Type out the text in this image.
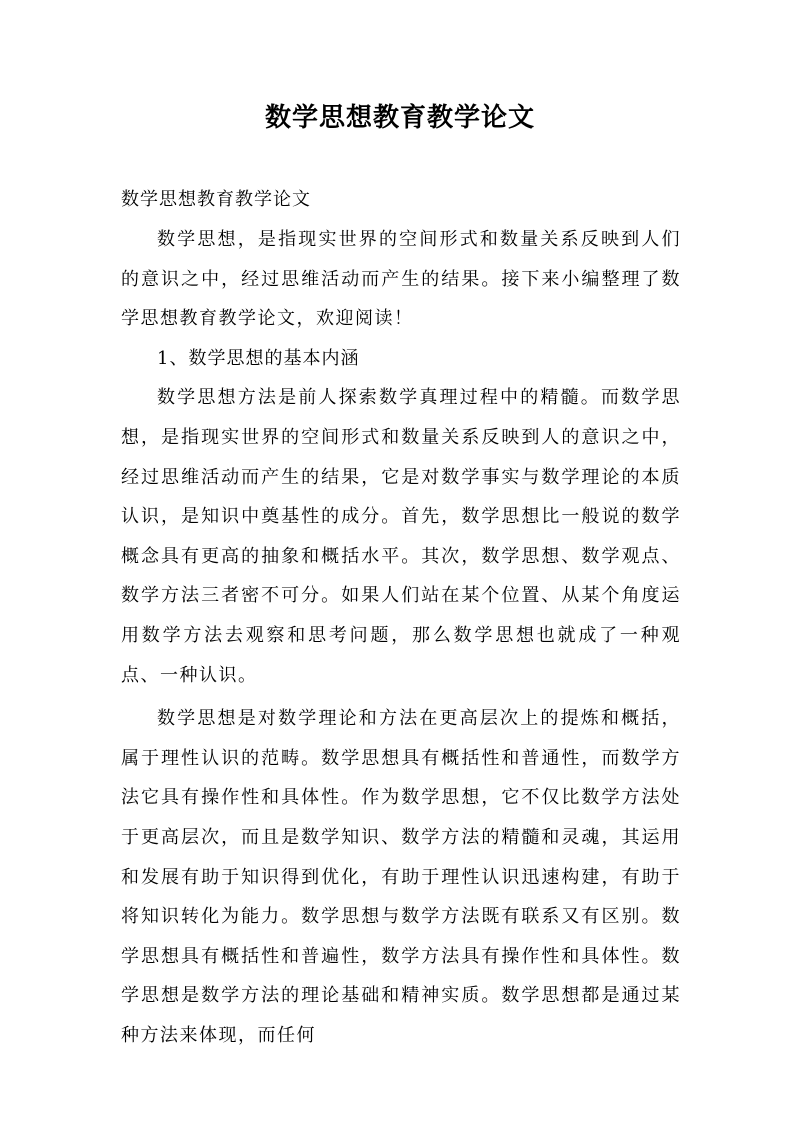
数学思想教育教学论文

数学思想教育教学论文

数学思想，是指现实世界的空间形式和数量关系反映到人们的意识之中，经过思维活动而产生的结果。接下来小编整理了数学思想教育教学论文，欢迎阅读！

1、数学思想的基本内涵

数学思想方法是前人探索数学真理过程中的精髓。而数学思想，是指现实世界的空间形式和数量关系反映到人的意识之中，经过思维活动而产生的结果，它是对数学事实与数学理论的本质认识，是知识中奠基性的成分。首先，数学思想比一般说的数学概念具有更高的抽象和概括水平。其次，数学思想、数学观点、数学方法三者密不可分。如果人们站在某个位置、从某个角度运用数学方法去观察和思考问题，那么数学思想也就成了一种观点、一种认识。

数学思想是对数学理论和方法在更高层次上的提炼和概括，属于理性认识的范畴。数学思想具有概括性和普通性，而数学方法它具有操作性和具体性。作为数学思想，它不仅比数学方法处于更高层次，而且是数学知识、数学方法的精髓和灵魂，其运用和发展有助于知识得到优化，有助于理性认识迅速构建，有助于将知识转化为能力。数学思想与数学方法既有联系又有区别。数学思想具有概括性和普遍性，数学方法具有操作性和具体性。数学思想是数学方法的理论基础和精神实质。数学思想都是通过某种方法来体现，而任何
